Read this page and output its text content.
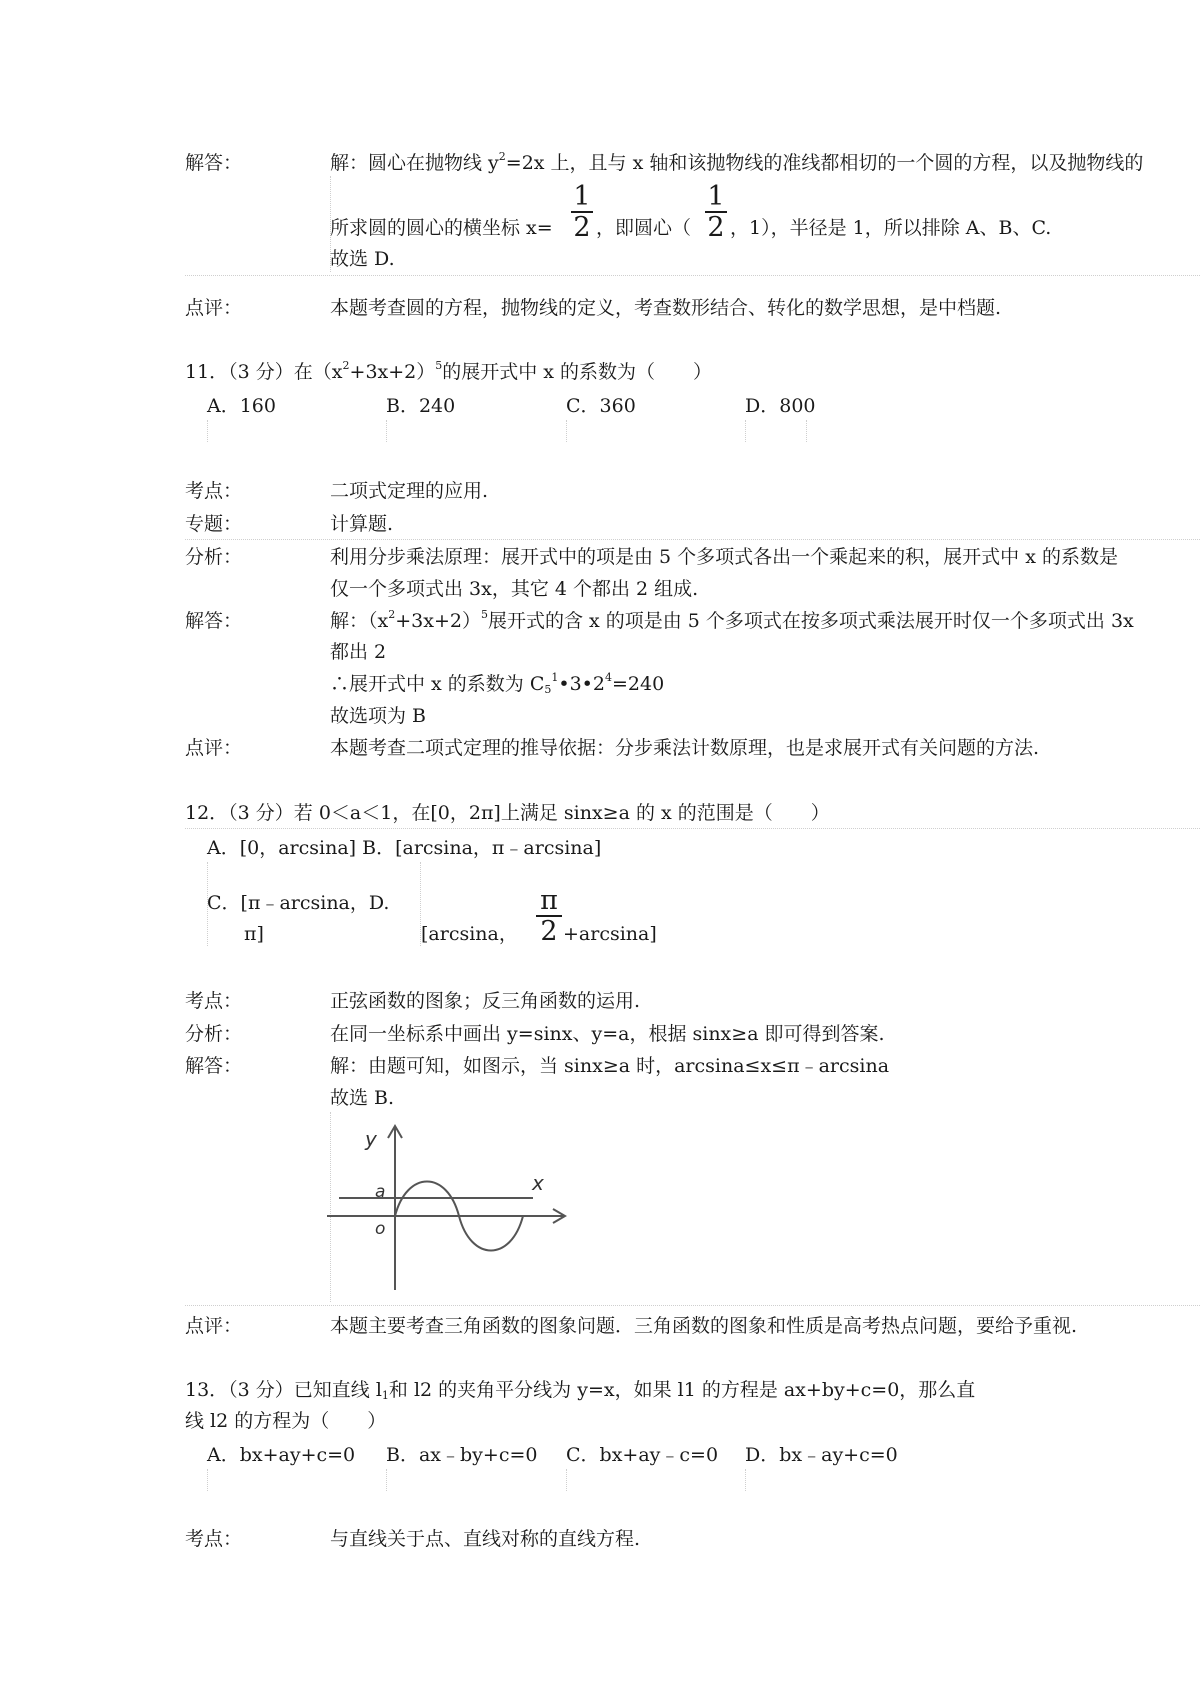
解答：	解：圆心在抛物线 $y^2=2x$ 上，且与 x 轴和该抛物线的准线都相切的一个圆的方程，以及抛物线的
所求圆的圆心的横坐标 x=
1
2 ，即圆心（
1
2 ，1），半径是 1，所以排除 A、B、C.
故选 D.
点评：	本题考查圆的方程，抛物线的定义，考查数形结合、转化的数学思想，是中档题.
11．（3 分）在$(x^2+3x+2)^5$的展开式中 x 的系数为（　　）
A．160	B．240	C．360	D．800
考点：	二项式定理的应用.
专题：	计算题.
分析：	利用分步乘法原理：展开式中的项是由 5 个多项式各出一个乘起来的积，展开式中 x 的系数是
仅一个多项式出 3x，其它 4 个都出 2 组成.
解答：	解：$(x^2+3x+2)^5$展开式的含 x 的项是由 5 个多项式在按多项式乘法展开时仅一个多项式出 3x
都出 2
∴展开式中 x 的系数为 $C_5^1•3•2^4=240$
故选项为 B
点评：	本题考查二项式定理的推导依据：分步乘法计数原理，也是求展开式有关问题的方法.
12．（3 分）若 0＜a＜1，在[0，2π]上满足 sinx≥a 的 x 的范围是（　　）
A．[0，arcsina] B．[arcsina，π﹣arcsina]
C．[π﹣arcsina，D.
π]	[arcsina，
π
2 +arcsina]
考点：	正弦函数的图象；反三角函数的运用.
分析：	在同一坐标系中画出 y=sinx、y=a，根据 sinx≥a 即可得到答案.
解答：	解：由题可知，如图示，当 sinx≥a 时，arcsina≤x≤π﹣arcsina
故选 B.
y
x
a
o
点评：	本题主要考查三角函数的图象问题．三角函数的图象和性质是高考热点问题，要给予重视.
13．（3 分）已知直线 $l_1$和 l2 的夹角平分线为 y=x，如果 l1 的方程是 ax+by+c=0，那么直
线 l2 的方程为（　　）
A．bx+ay+c=0 B．ax﹣by+c=0 C．bx+ay﹣c=0 D．bx﹣ay+c=0
考点：	与直线关于点、直线对称的直线方程.
